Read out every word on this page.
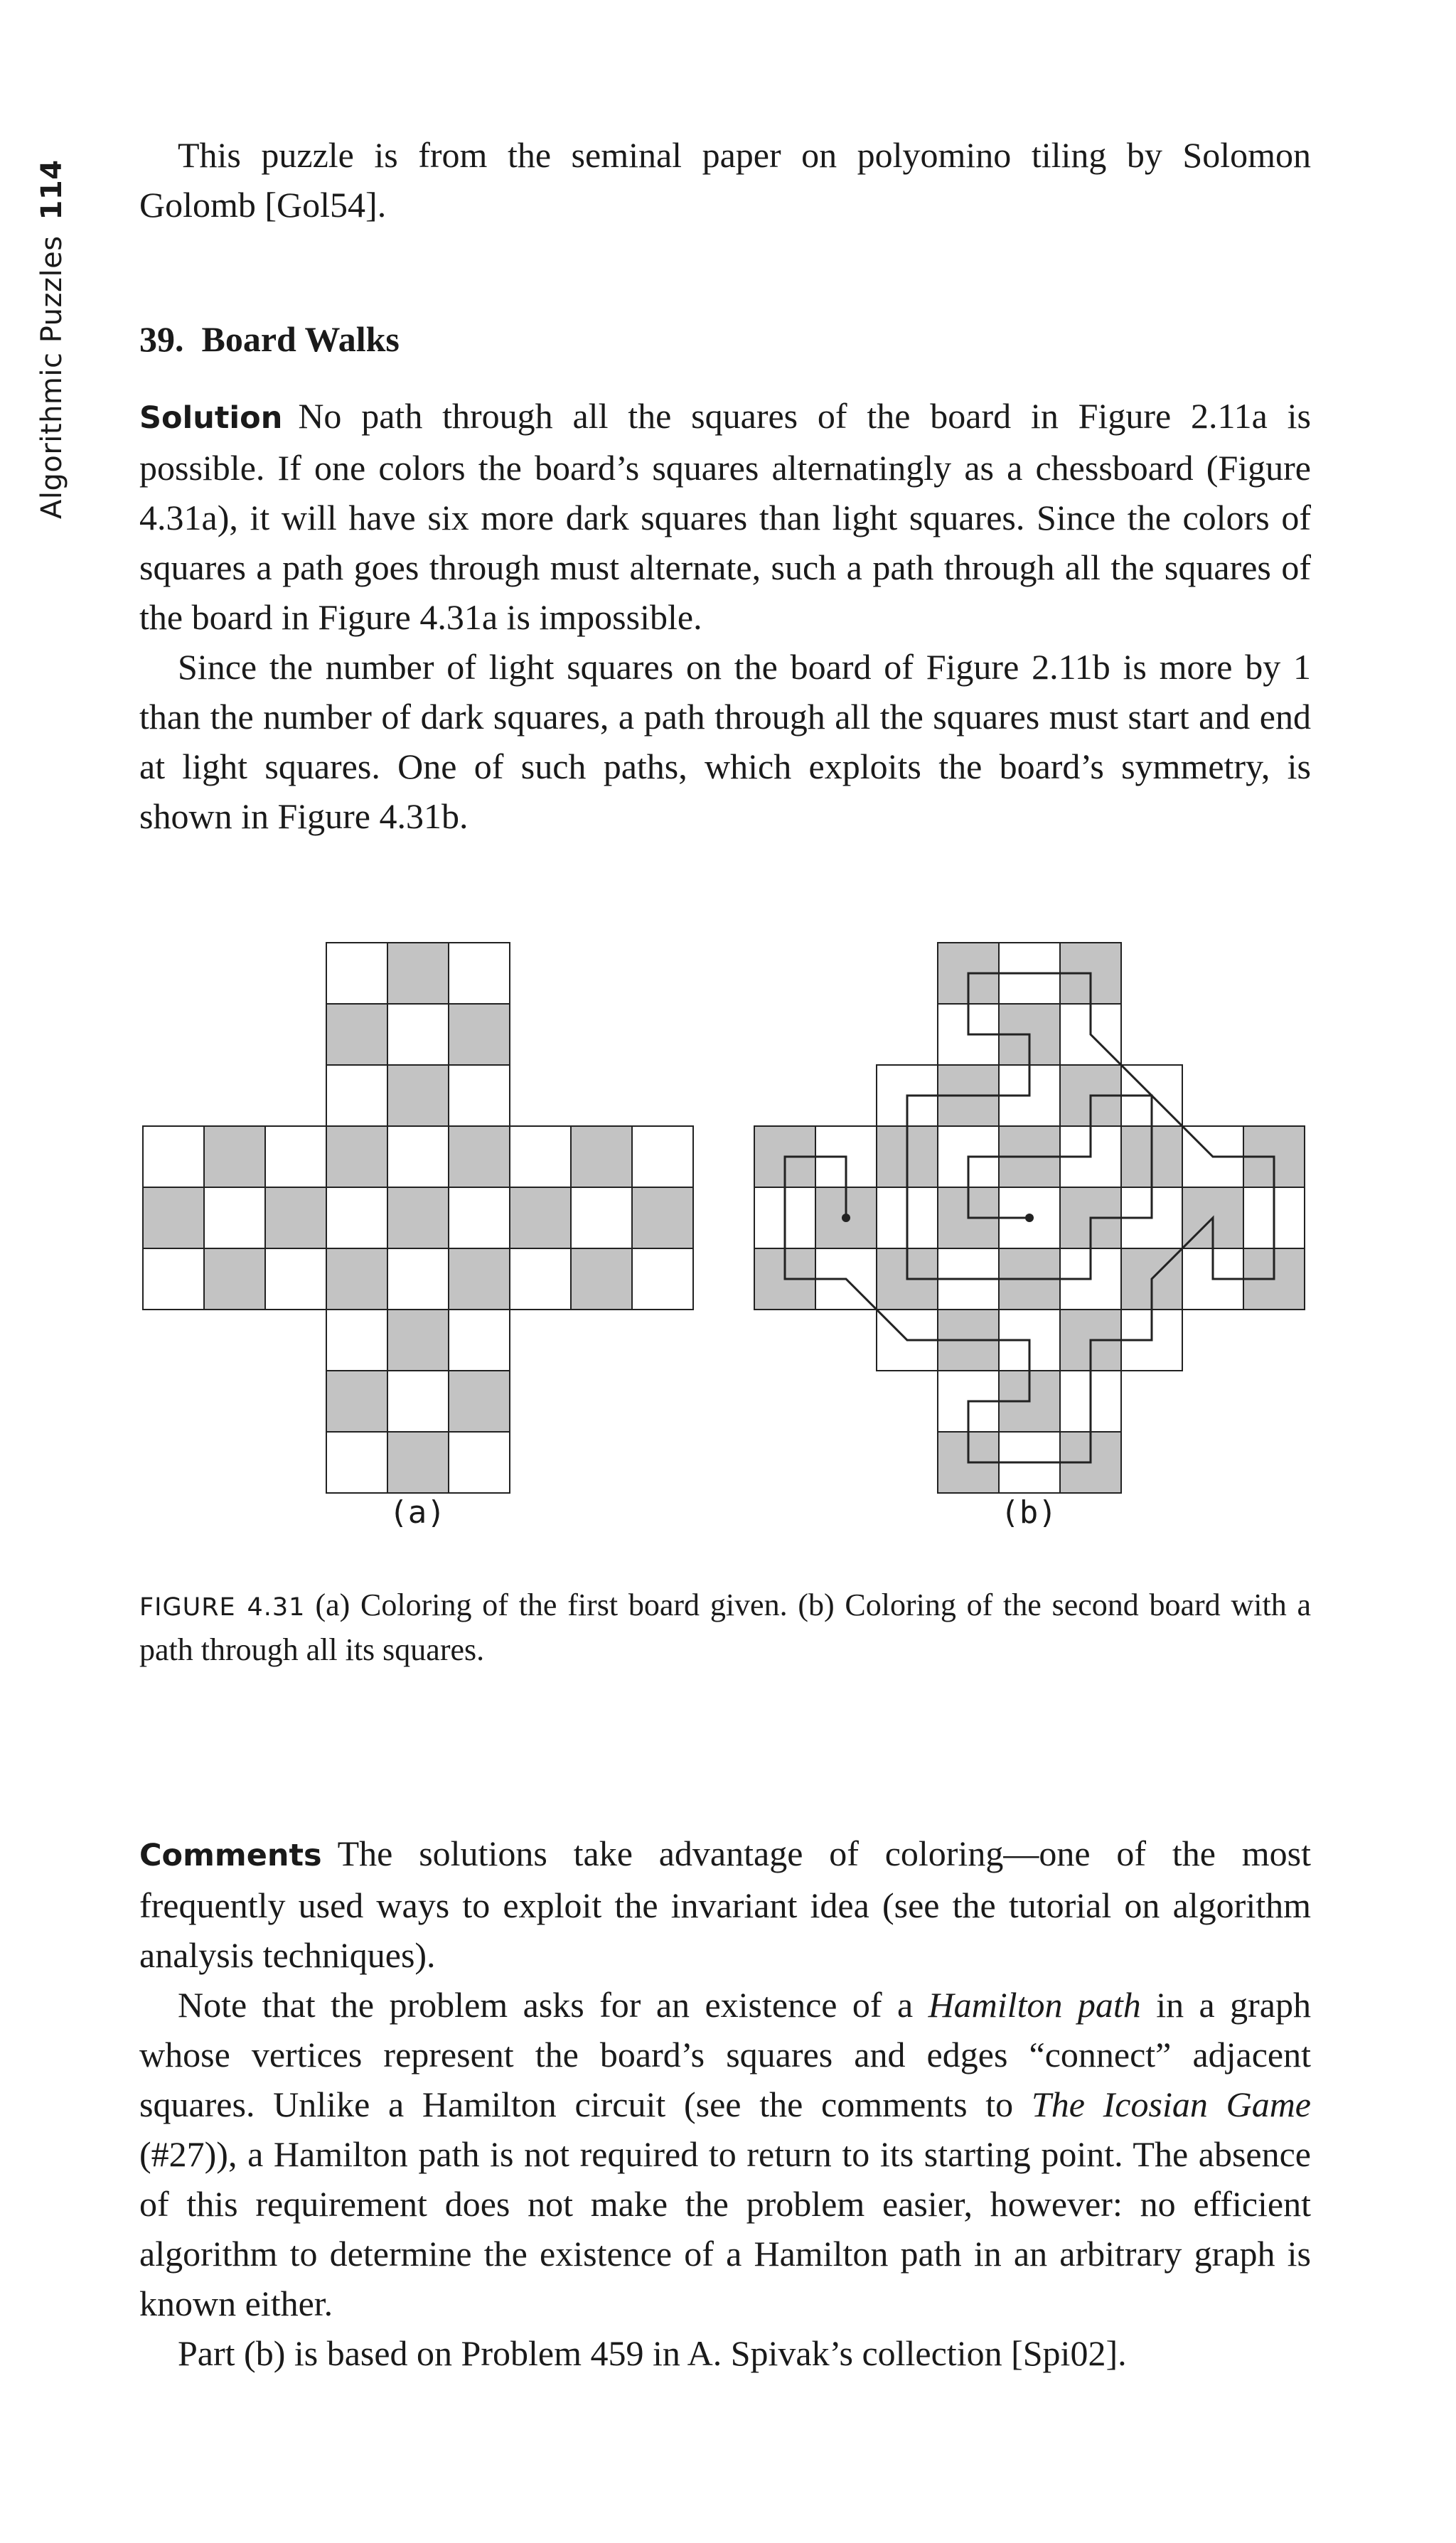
Algorithmic Puzzles114

This puzzle is from the seminal paper on polyomino tiling by Solomon Golomb [Gol54].

39. Board Walks

Solution No path through all the squares of the board in Figure 2.11a is possible. If one colors the board’s squares alternatingly as a chessboard (Figure 4.31a), it will have six more dark squares than light squares. Since the colors of squares a path goes through must alternate, such a path through all the squares of the board in Figure 4.31a is impossible.

Since the number of light squares on the board of Figure 2.11b is more by 1 than the number of dark squares, a path through all the squares must start and end at light squares. One of such paths, which exploits the board’s symmetry, is shown in Figure 4.31b.

(a)	(b)
FIGURE 4.31 (a) Coloring of the first board given. (b) Coloring of the second board with a path through all its squares.

Comments The solutions take advantage of coloring—one of the most frequently used ways to exploit the invariant idea (see the tutorial on algorithm analysis techniques).

Note that the problem asks for an existence of a Hamilton path in a graph whose vertices represent the board’s squares and edges “connect” adjacent squares. Unlike a Hamilton circuit (see the comments to The Icosian Game (#27)), a Hamilton path is not required to return to its starting point. The absence of this requirement does not make the problem easier, however: no efficient algorithm to determine the existence of a Hamilton path in an arbitrary graph is known either.

Part (b) is based on Problem 459 in A. Spivak’s collection [Spi02].
